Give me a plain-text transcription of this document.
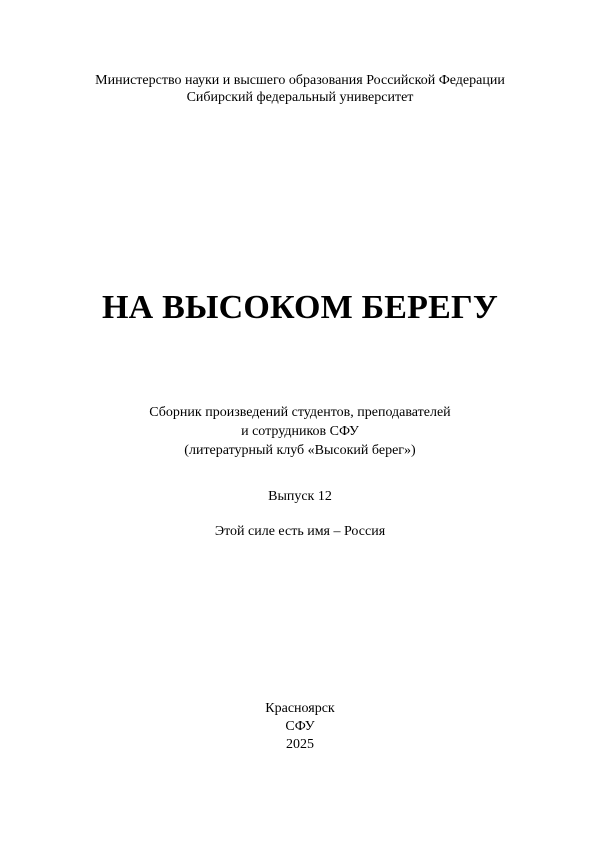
Министерство науки и высшего образования Российской Федерации
Сибирский федеральный университет
НА ВЫСОКОМ БЕРЕГУ
Сборник произведений студентов, преподавателей
и сотрудников СФУ
(литературный клуб «Высокий берег»)
Выпуск 12
Этой силе есть имя – Россия
Красноярск
СФУ
2025
